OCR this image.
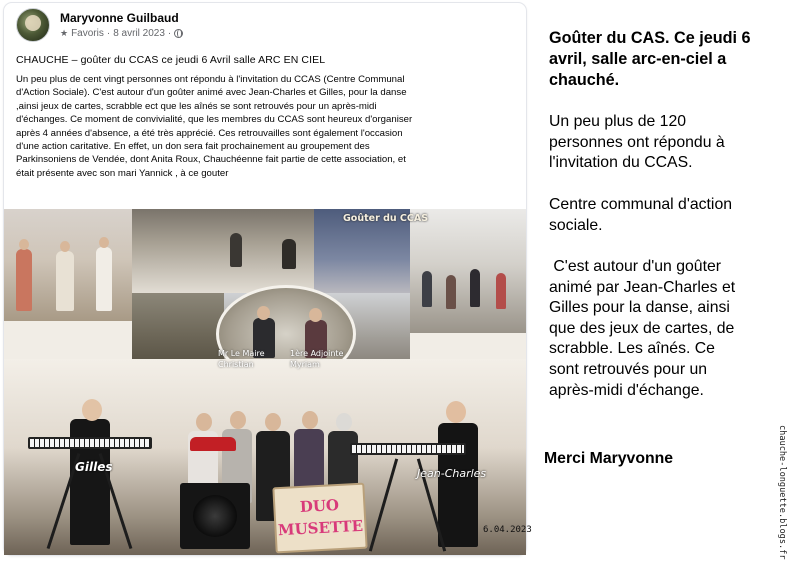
Maryvonne Guilbaud
★ Favoris · 8 avril 2023 ·
CHAUCHE – goûter du CCAS ce jeudi 6 Avril salle ARC EN CIEL
Un peu plus de cent vingt personnes ont répondu à l'invitation du CCAS (Centre Communal
d'Action Sociale). C'est autour d'un goûter animé avec Jean-Charles et Gilles, pour la danse
,ainsi jeux de cartes, scrabble ect que les aînés se sont retrouvés pour un après-midi
d'échanges. Ce moment de convivialité, que les membres du CCAS sont heureux d'organiser
après 4 années d'absence, a été très apprécié. Ces retrouvailles sont également l'occasion
d'une action caritative. En effet, un don sera fait prochainement au groupement des
Parkinsoniens de Vendée, dont Anita Roux, Chauchéenne fait partie de cette association, et
était présente avec son mari Yannick , à ce gouter
DUO
MUSETTE
Goûter du CCAS
Mr Le Maire
Christian
1ère Adjointe
Myriam
Gilles	Jean-Charles
6.04.2023
Goûter du CAS. Ce jeudi 6
avril, salle arc-en-ciel a
chauché.
Un peu plus de 120
personnes ont répondu à
l'invitation du CCAS.
Centre communal d'action
sociale.
C'est autour d'un goûter
animé par Jean-Charles et
Gilles pour la danse, ainsi
que des jeux de cartes, de
scrabble. Les aînés. Ce
sont retrouvés pour un
après-midi d'échange.
Merci Maryvonne	chauche-longuette.blogs.fr
